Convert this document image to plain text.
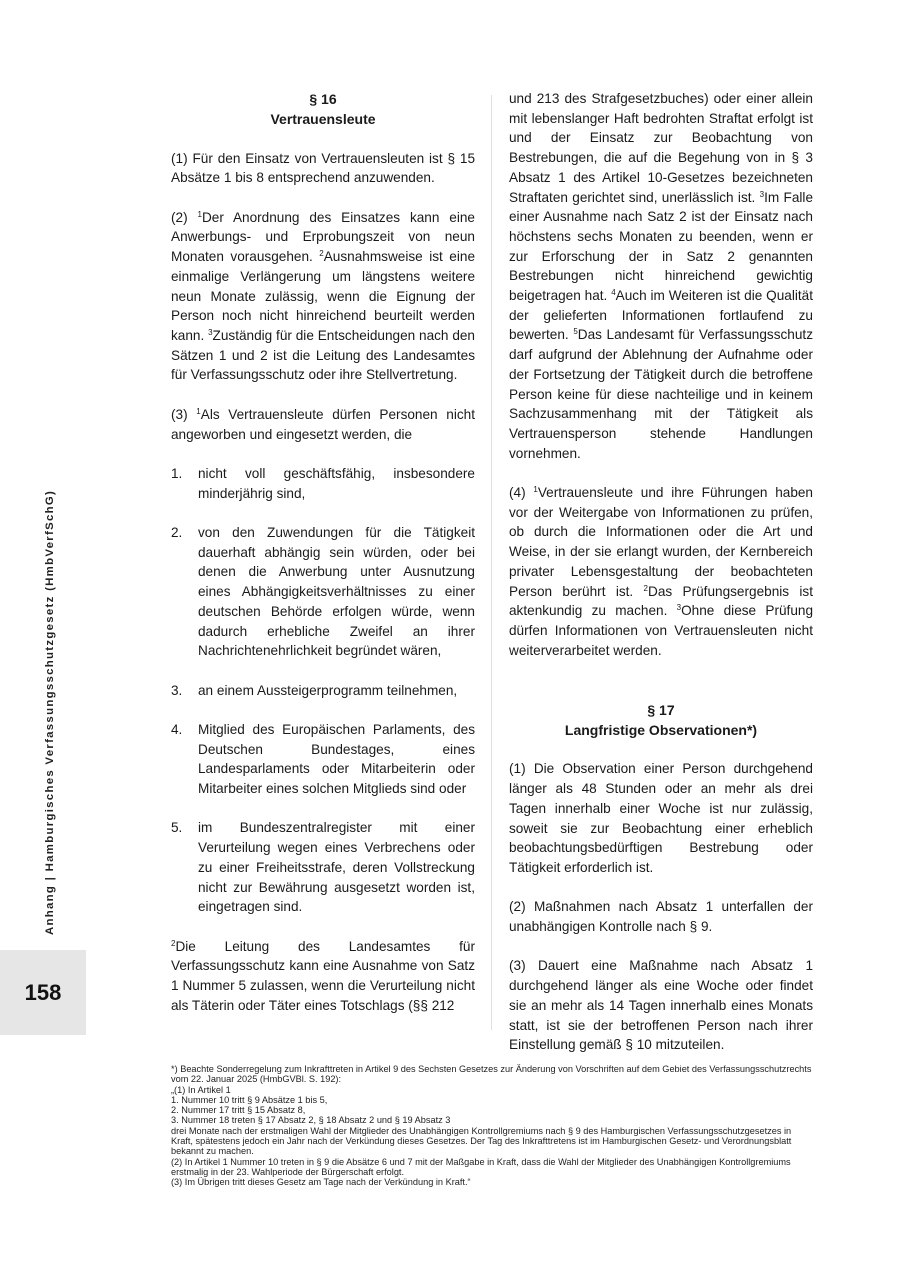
Anhang | Hamburgisches Verfassungsschutzgesetz (HmbVerfSchG)
158
§ 16
Vertrauensleute

(1) Für den Einsatz von Vertrauensleuten ist § 15 Absätze 1 bis 8 entsprechend anzuwenden.

(2) $^1$Der Anordnung des Einsatzes kann eine Anwerbungs- und Erprobungszeit von neun Monaten vorausgehen. $^2$Ausnahmsweise ist eine einmalige Verlängerung um längstens weitere neun Monate zulässig, wenn die Eignung der Person noch nicht hinreichend beurteilt werden kann. $^3$Zuständig für die Entscheidungen nach den Sätzen 1 und 2 ist die Leitung des Landesamtes für Verfassungsschutz oder ihre Stellvertretung.

(3) $^1$Als Vertrauensleute dürfen Personen nicht angeworben und eingesetzt werden, die

1. nicht voll geschäftsfähig, insbesondere minderjährig sind,
2. von den Zuwendungen für die Tätigkeit dauerhaft abhängig sein würden, oder bei denen die Anwerbung unter Ausnutzung eines Abhängigkeitsverhältnisses zu einer deutschen Behörde erfolgen würde, wenn dadurch erhebliche Zweifel an ihrer Nachrichtenehrlichkeit begründet wären,
3. an einem Aussteigerprogramm teilnehmen,
4. Mitglied des Europäischen Parlaments, des Deutschen Bundestages, eines Landesparlaments oder Mitarbeiterin oder Mitarbeiter eines solchen Mitglieds sind oder
5. im Bundeszentralregister mit einer Verurteilung wegen eines Verbrechens oder zu einer Freiheitsstrafe, deren Vollstreckung nicht zur Bewährung ausgesetzt worden ist, eingetragen sind.

$^2$Die Leitung des Landesamtes für Verfassungsschutz kann eine Ausnahme von Satz 1 Nummer 5 zulassen, wenn die Verurteilung nicht als Täterin oder Täter eines Totschlags (§§ 212

und 213 des Strafgesetzbuches) oder einer allein mit lebenslanger Haft bedrohten Straftat erfolgt ist und der Einsatz zur Beobachtung von Bestrebungen, die auf die Begehung von in § 3 Absatz 1 des Artikel 10-Gesetzes bezeichneten Straftaten gerichtet sind, unerlässlich ist. $^3$Im Falle einer Ausnahme nach Satz 2 ist der Einsatz nach höchstens sechs Monaten zu beenden, wenn er zur Erforschung der in Satz 2 genannten Bestrebungen nicht hinreichend gewichtig beigetragen hat. $^4$Auch im Weiteren ist die Qualität der gelieferten Informationen fortlaufend zu bewerten. $^5$Das Landesamt für Verfassungsschutz darf aufgrund der Ablehnung der Aufnahme oder der Fortsetzung der Tätigkeit durch die betroffene Person keine für diese nachteilige und in keinem Sachzusammenhang mit der Tätigkeit als Vertrauensperson stehende Handlungen vornehmen.

(4) $^1$Vertrauensleute und ihre Führungen haben vor der Weitergabe von Informationen zu prüfen, ob durch die Informationen oder die Art und Weise, in der sie erlangt wurden, der Kernbereich privater Lebensgestaltung der beobachteten Person berührt ist. $^2$Das Prüfungsergebnis ist aktenkundig zu machen. $^3$Ohne diese Prüfung dürfen Informationen von Vertrauensleuten nicht weiterverarbeitet werden.

§ 17
Langfristige Observationen*)

(1) Die Observation einer Person durchgehend länger als 48 Stunden oder an mehr als drei Tagen innerhalb einer Woche ist nur zulässig, soweit sie zur Beobachtung einer erheblich beobachtungsbedürftigen Bestrebung oder Tätigkeit erforderlich ist.

(2) Maßnahmen nach Absatz 1 unterfallen der unabhängigen Kontrolle nach § 9.

(3) Dauert eine Maßnahme nach Absatz 1 durchgehend länger als eine Woche oder findet sie an mehr als 14 Tagen innerhalb eines Monats statt, ist sie der betroffenen Person nach ihrer Einstellung gemäß § 10 mitzuteilen.

*) Beachte Sonderregelung zum Inkrafttreten in Artikel 9 des Sechsten Gesetzes zur Änderung von Vorschriften auf dem Gebiet des Verfassungsschutzrechts vom 22. Januar 2025 (HmbGVBl. S. 192):

„(1) In Artikel 1

1. Nummer 10 tritt § 9 Absätze 1 bis 5,

2. Nummer 17 tritt § 15 Absatz 8,

3. Nummer 18 treten § 17 Absatz 2, § 18 Absatz 2 und § 19 Absatz 3

drei Monate nach der erstmaligen Wahl der Mitglieder des Unabhängigen Kontrollgremiums nach § 9 des Hamburgischen Verfassungsschutzgesetzes in Kraft, spätestens jedoch ein Jahr nach der Verkündung dieses Gesetzes. Der Tag des Inkrafttretens ist im Hamburgischen Gesetz- und Verordnungsblatt bekannt zu machen.

(2) In Artikel 1 Nummer 10 treten in § 9 die Absätze 6 und 7 mit der Maßgabe in Kraft, dass die Wahl der Mitglieder des Unabhängigen Kontrollgremiums erstmalig in der 23. Wahlperiode der Bürgerschaft erfolgt.

(3) Im Übrigen tritt dieses Gesetz am Tage nach der Verkündung in Kraft.“
